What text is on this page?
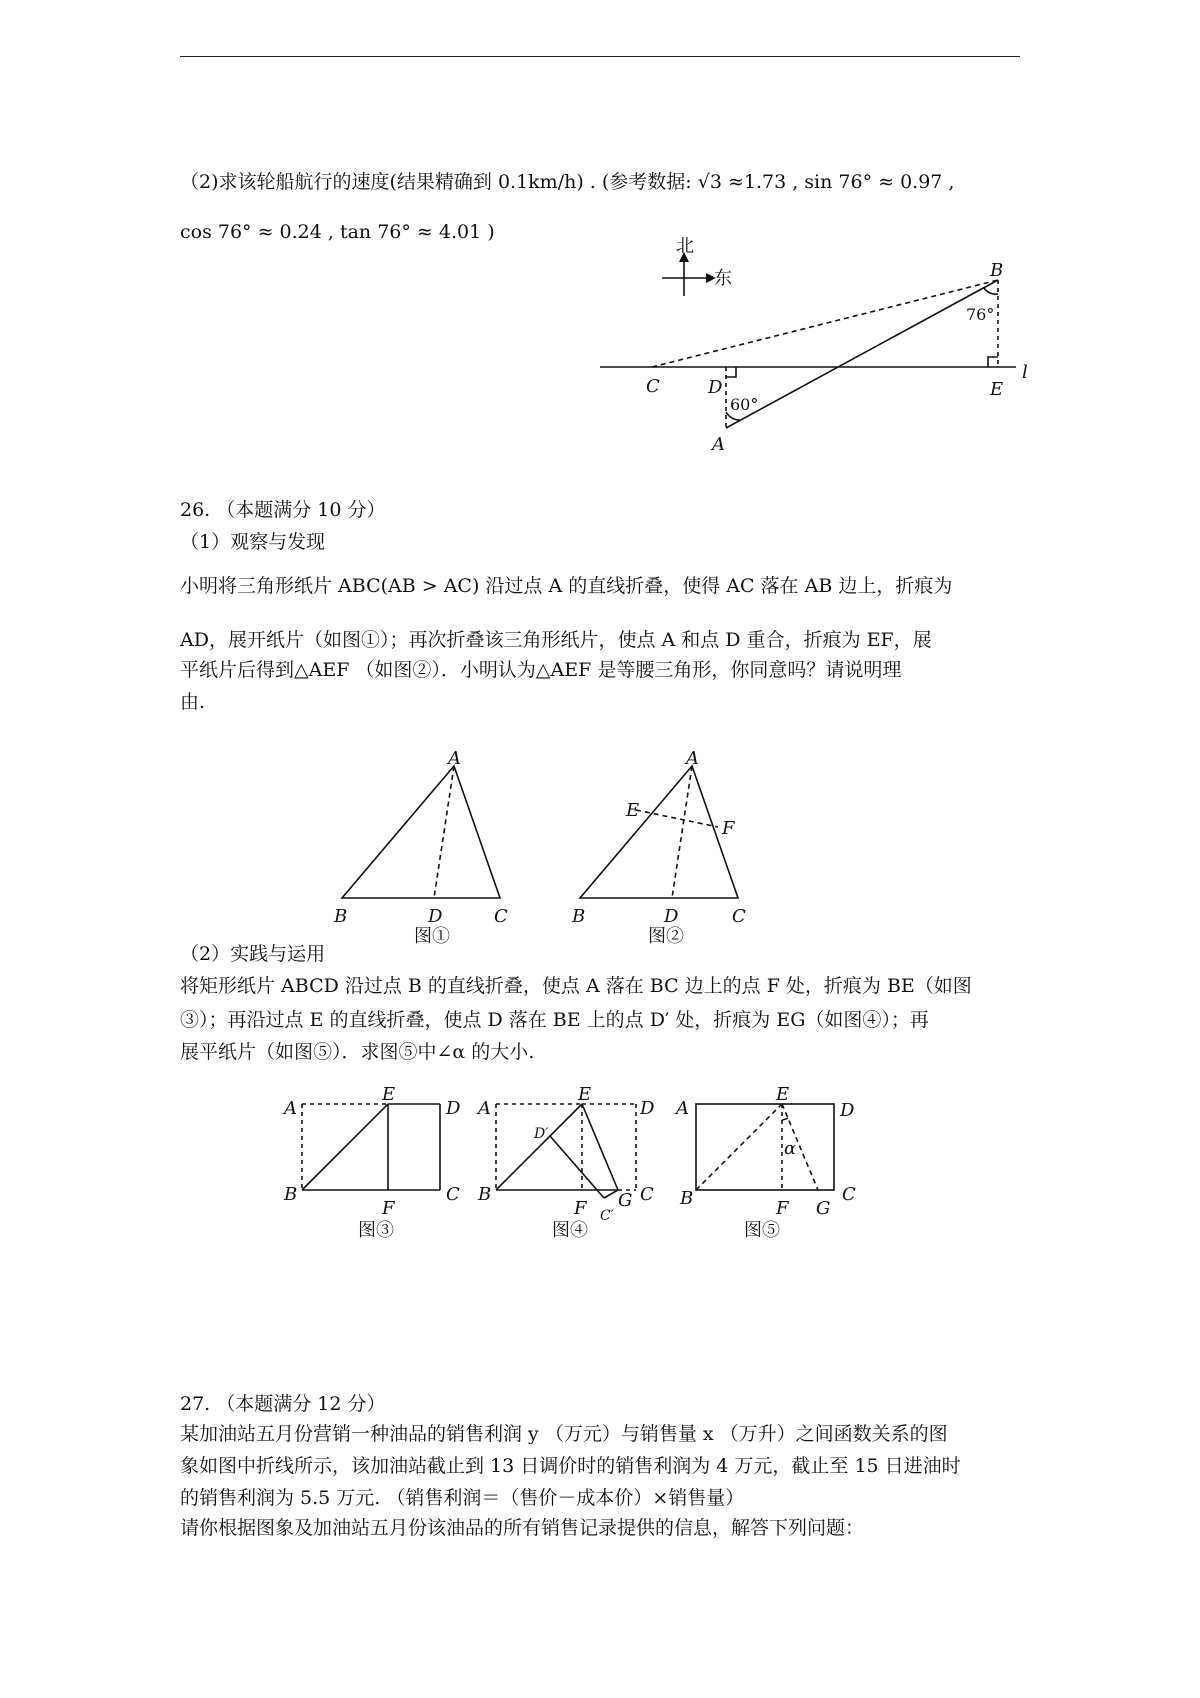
（2)求该轮船航行的速度(结果精确到 0.1km/h) . (参考数据: √3 ≈1.73 , sin 76° ≈ 0.97 ,
cos 76° ≈ 0.24 , tan 76° ≈ 4.01 )
北
东	B
76°
C	D	E
l
60°
A
26. （本题满分 10 分）
（1）观察与发现
小明将三角形纸片 ABC(AB > AC) 沿过点 A 的直线折叠，使得 AC 落在 AB 边上，折痕为
AD，展开纸片（如图①）；再次折叠该三角形纸片，使点 A 和点 D 重合，折痕为 EF，展
平纸片后得到△AEF （如图②）．小明认为△AEF 是等腰三角形，你同意吗？请说明理
由.
A
B	D	C
图①
A
E
F
B	D	C
图②
（2）实践与运用
将矩形纸片 ABCD 沿过点 B 的直线折叠，使点 A 落在 BC 边上的点 F 处，折痕为 BE（如图
③）；再沿过点 E 的直线折叠，使点 D 落在 BE 上的点 D′ 处，折痕为 EG（如图④）；再
展平纸片（如图⑤）．求图⑤中∠α 的大小.
A
E
D
B	C
F
图③
A
E
D
D′
B
F G C
C′
图④
A
E
D
α
B	F G
C
图⑤
27. （本题满分 12 分）
某加油站五月份营销一种油品的销售利润 y （万元）与销售量 x （万升）之间函数关系的图
象如图中折线所示，该加油站截止到 13 日调价时的销售利润为 4 万元，截止至 15 日进油时
的销售利润为 5.5 万元. （销售利润＝（售价－成本价）×销售量）
请你根据图象及加油站五月份该油品的所有销售记录提供的信息，解答下列问题：
